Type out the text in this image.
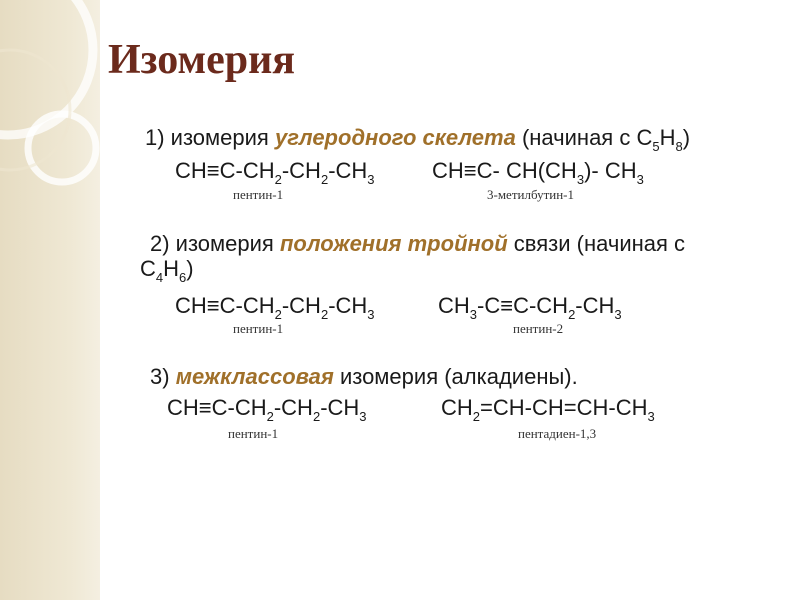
Изомерия
1) изомерия углеродного скелета (начиная с $С_5Н_8$)
$CH\equiv C-CH_2-CH_2-CH_3$	CH≡C- $CH(CH_3)-$ $CH_3$
пентин-1	3-метилбутин-1
2) изомерия положения тройной связи (начиная с
$С_4Н_6$)
$CH\equiv C-CH_2-CH_2-CH_3$	$CH_3-C\equiv C-CH_2-CH_3$
пентин-1	пентин-2
3) межклассовая изомерия (алкадиены).
$CH\equiv C-CH_2-CH_2-CH_3$	$CH_2=CH-CH=CH-CH_3$
пентин-1	пентадиен-1,3
